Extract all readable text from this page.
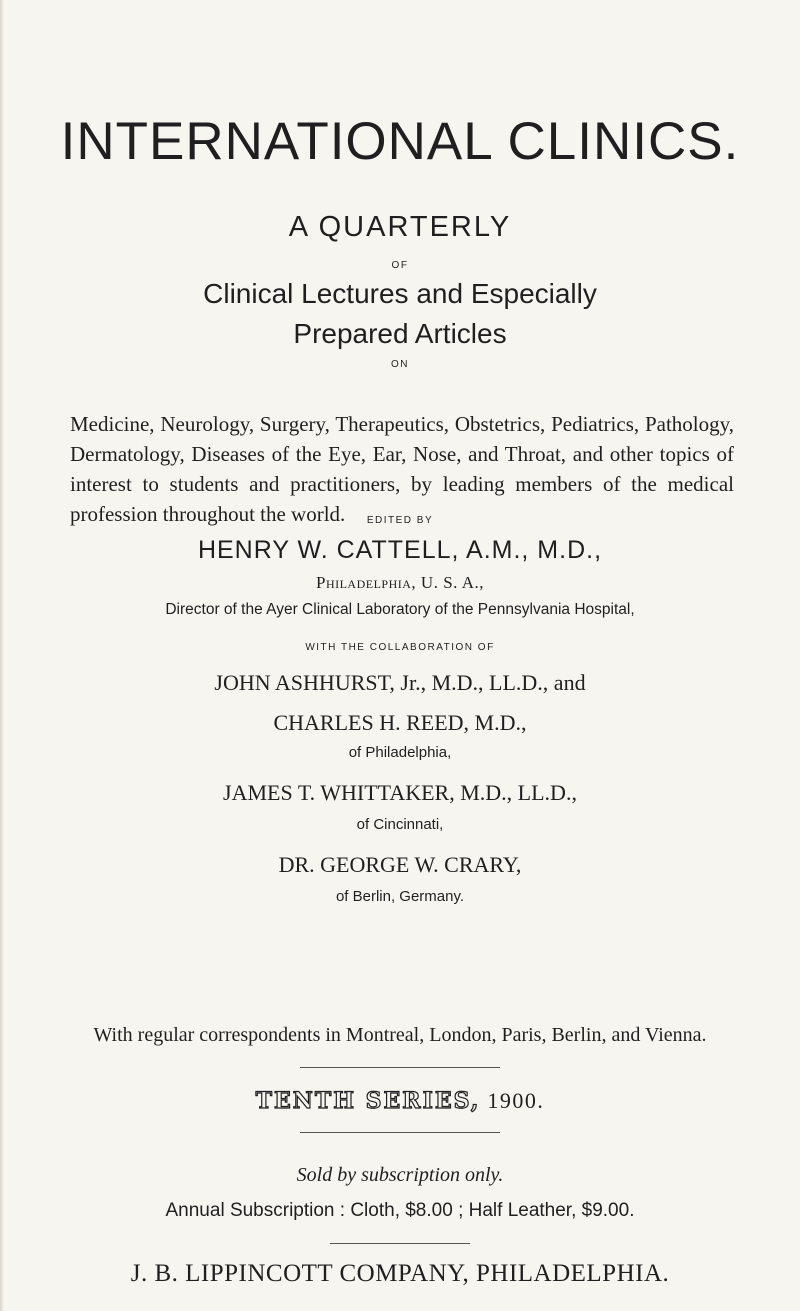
INTERNATIONAL CLINICS.

A QUARTERLY

OF

Clinical Lectures and Especially
Prepared Articles

ON

Medicine, Neurology, Surgery, Therapeutics, Obstetrics, Pediatrics, Pathology, Dermatology, Diseases of the Eye, Ear, Nose, and Throat, and other topics of interest to students and practitioners, by leading members of the medical profession throughout the world.	EDITED BY

HENRY W. CATTELL, A.M., M.D.,

Philadelphia, U. S. A.,

Director of the Ayer Clinical Laboratory of the Pennsylvania Hospital,

WITH THE COLLABORATION OF

JOHN ASHHURST, Jr., M.D., LL.D., and

CHARLES H. REED, M.D.,

of Philadelphia,

JAMES T. WHITTAKER, M.D., LL.D.,

of Cincinnati,

DR. GEORGE W. CRARY,

of Berlin, Germany.

With regular correspondents in Montreal, London, Paris, Berlin, and Vienna.

TENTH SERIES, 1900.

Sold by subscription only.

Annual Subscription : Cloth, $8.00 ; Half Leather, $9.00.

J. B. LIPPINCOTT COMPANY, PHILADELPHIA.
